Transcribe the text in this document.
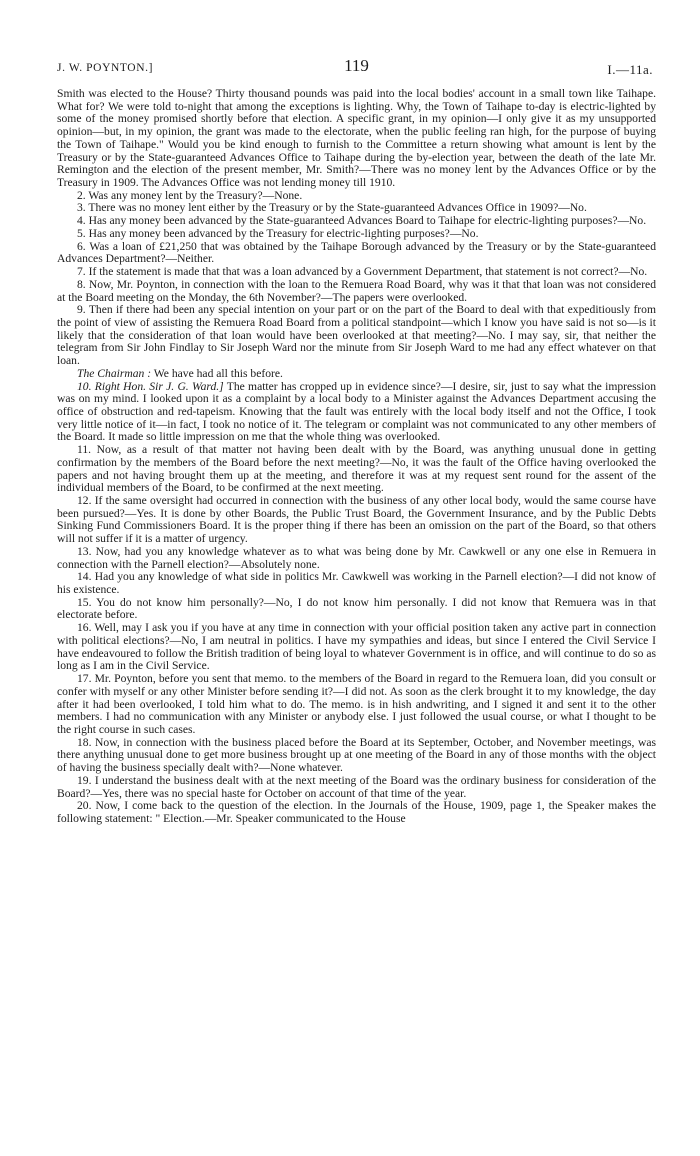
J. W. POYNTON.]	119	I.—11a.

Smith was elected to the House? Thirty thousand pounds was paid into the local bodies' account in a small town like Taihape. What for? We were told to-night that among the exceptions is lighting. Why, the Town of Taihape to-day is electric-lighted by some of the money promised shortly before that election. A specific grant, in my opinion—I only give it as my unsupported opinion—but, in my opinion, the grant was made to the electorate, when the public feeling ran high, for the purpose of buying the Town of Taihape." Would you be kind enough to furnish to the Committee a return showing what amount is lent by the Treasury or by the State-guaranteed Advances Office to Taihape during the by-election year, between the death of the late Mr. Remington and the election of the present member, Mr. Smith?—There was no money lent by the Advances Office or by the Treasury in 1909. The Advances Office was not lending money till 1910.

2. Was any money lent by the Treasury?—None.

3. There was no money lent either by the Treasury or by the State-guaranteed Advances Office in 1909?—No.

4. Has any money been advanced by the State-guaranteed Advances Board to Taihape for electric-lighting purposes?—No.

5. Has any money been advanced by the Treasury for electric-lighting purposes?—No.

6. Was a loan of £21,250 that was obtained by the Taihape Borough advanced by the Treasury or by the State-guaranteed Advances Department?—Neither.

7. If the statement is made that that was a loan advanced by a Government Department, that statement is not correct?—No.

8. Now, Mr. Poynton, in connection with the loan to the Remuera Road Board, why was it that that loan was not considered at the Board meeting on the Monday, the 6th November?—The papers were overlooked.

9. Then if there had been any special intention on your part or on the part of the Board to deal with that expeditiously from the point of view of assisting the Remuera Road Board from a political standpoint—which I know you have said is not so—is it likely that the consideration of that loan would have been overlooked at that meeting?—No. I may say, sir, that neither the telegram from Sir John Findlay to Sir Joseph Ward nor the minute from Sir Joseph Ward to me had any effect whatever on that loan.

The Chairman : We have had all this before.

10. Right Hon. Sir J. G. Ward.] The matter has cropped up in evidence since?—I desire, sir, just to say what the impression was on my mind. I looked upon it as a complaint by a local body to a Minister against the Advances Department accusing the office of obstruction and red-tapeism. Knowing that the fault was entirely with the local body itself and not the Office, I took very little notice of it—in fact, I took no notice of it. The telegram or complaint was not communicated to any other members of the Board. It made so little impression on me that the whole thing was overlooked.

11. Now, as a result of that matter not having been dealt with by the Board, was anything unusual done in getting confirmation by the members of the Board before the next meeting?—No, it was the fault of the Office having overlooked the papers and not having brought them up at the meeting, and therefore it was at my request sent round for the assent of the individual members of the Board, to be confirmed at the next meeting.

12. If the same oversight had occurred in connection with the business of any other local body, would the same course have been pursued?—Yes. It is done by other Boards, the Public Trust Board, the Government Insurance, and by the Public Debts Sinking Fund Commissioners Board. It is the proper thing if there has been an omission on the part of the Board, so that others will not suffer if it is a matter of urgency.

13. Now, had you any knowledge whatever as to what was being done by Mr. Cawkwell or any one else in Remuera in connection with the Parnell election?—Absolutely none.

14. Had you any knowledge of what side in politics Mr. Cawkwell was working in the Parnell election?—I did not know of his existence.

15. You do not know him personally?—No, I do not know him personally. I did not know that Remuera was in that electorate before.

16. Well, may I ask you if you have at any time in connection with your official position taken any active part in connection with political elections?—No, I am neutral in politics. I have my sympathies and ideas, but since I entered the Civil Service I have endeavoured to follow the British tradition of being loyal to whatever Government is in office, and will continue to do so as long as I am in the Civil Service.

17. Mr. Poynton, before you sent that memo. to the members of the Board in regard to the Remuera loan, did you consult or confer with myself or any other Minister before sending it?—I did not. As soon as the clerk brought it to my knowledge, the day after it had been overlooked, I told him what to do. The memo. is in hish andwriting, and I signed it and sent it to the other members. I had no communication with any Minister or anybody else. I just followed the usual course, or what I thought to be the right course in such cases.

18. Now, in connection with the business placed before the Board at its September, October, and November meetings, was there anything unusual done to get more business brought up at one meeting of the Board in any of those months with the object of having the business specially dealt with?—None whatever.

19. I understand the business dealt with at the next meeting of the Board was the ordinary business for consideration of the Board?—Yes, there was no special haste for October on account of that time of the year.

20. Now, I come back to the question of the election. In the Journals of the House, 1909, page 1, the Speaker makes the following statement: " Election.—Mr. Speaker communicated to the House
